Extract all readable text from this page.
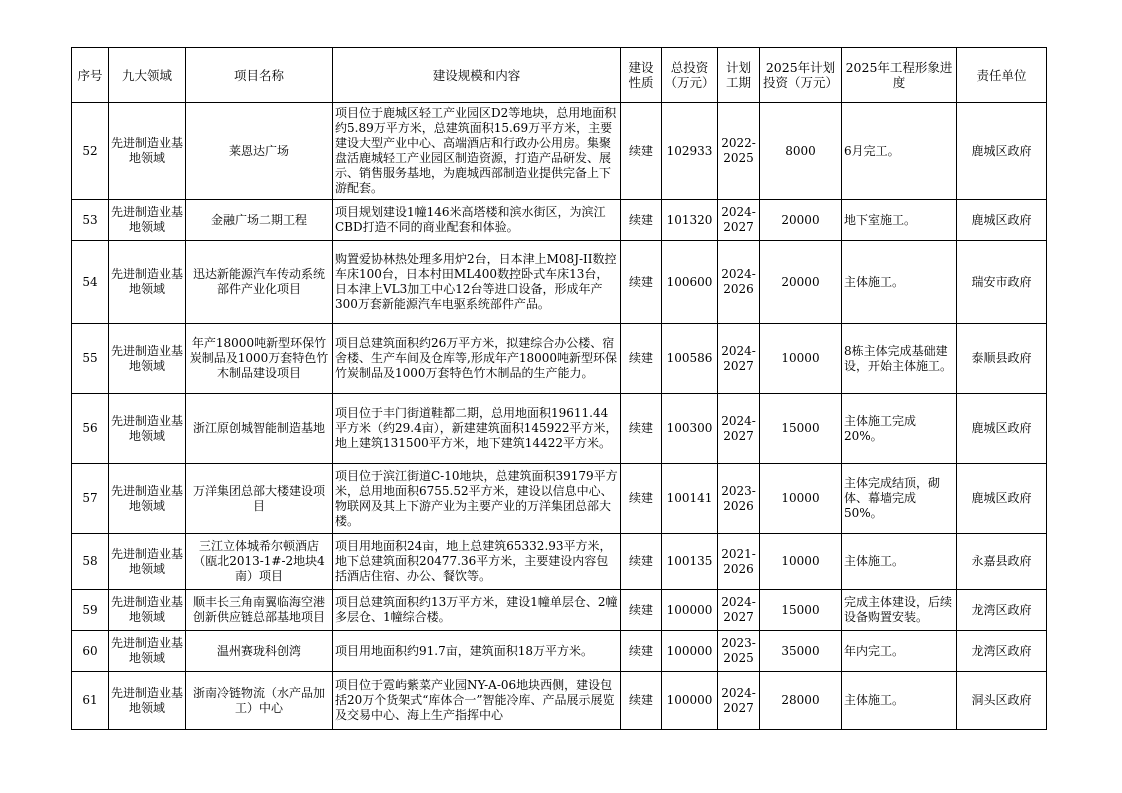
序号	九大领域	项目名称	建设规模和内容	建设性质	总投资（万元）	计划工期	2025年计划投资（万元）	2025年工程形象进度	责任单位
52	先进制造业基地领域	莱恩达广场	项目位于鹿城区轻工产业园区D2等地块，总用地面积约5.89万平方米，总建筑面积15.69万平方米，主要建设大型产业中心、高端酒店和行政办公用房。集聚盘活鹿城轻工产业园区制造资源，打造产品研发、展示、销售服务基地，为鹿城西部制造业提供完备上下游配套。	续建	102933	2022-2025	8000	6月完工。	鹿城区政府
53	先进制造业基地领域	金融广场二期工程	项目规划建设1幢146米高塔楼和滨水街区，为滨江CBD打造不同的商业配套和体验。	续建	101320	2024-2027	20000	地下室施工。	鹿城区政府
54	先进制造业基地领域	迅达新能源汽车传动系统部件产业化项目	购置爱协林热处理多用炉2台，日本津上M08J-II数控车床100台，日本村田ML400数控卧式车床13台，日本津上VL3加工中心12台等进口设备，形成年产300万套新能源汽车电驱系统部件产品。	续建	100600	2024-2026	20000	主体施工。	瑞安市政府
55	先进制造业基地领域	年产18000吨新型环保竹炭制品及1000万套特色竹木制品建设项目	项目总建筑面积约26万平方米，拟建综合办公楼、宿舍楼、生产车间及仓库等,形成年产18000吨新型环保竹炭制品及1000万套特色竹木制品的生产能力。	续建	100586	2024-2027	10000	8栋主体完成基础建设，开始主体施工。	泰顺县政府
56	先进制造业基地领域	浙江原创城智能制造基地	项目位于丰门街道鞋都二期，总用地面积19611.44平方米（约29.4亩），新建建筑面积145922平方米，地上建筑131500平方米，地下建筑14422平方米。	续建	100300	2024-2027	15000	主体施工完成20%。	鹿城区政府
57	先进制造业基地领域	万洋集团总部大楼建设项目	项目位于滨江街道C-10地块，总建筑面积39179平方米，总用地面积6755.52平方米，建设以信息中心、物联网及其上下游产业为主要产业的万洋集团总部大楼。	续建	100141	2023-2026	10000	主体完成结顶，砌体、幕墙完成50%。	鹿城区政府
58	先进制造业基地领域	三江立体城希尔顿酒店（瓯北2013-1#-2地块4南）项目	项目用地面积24亩，地上总建筑65332.93平方米，地下总建筑面积20477.36平方米，主要建设内容包括酒店住宿、办公、餐饮等。	续建	100135	2021-2026	10000	主体施工。	永嘉县政府
59	先进制造业基地领域	顺丰长三角南翼临海空港创新供应链总部基地项目	项目总建筑面积约13万平方米，建设1幢单层仓、2幢多层仓、1幢综合楼。	续建	100000	2024-2027	15000	完成主体建设，后续设备购置安装。	龙湾区政府
60	先进制造业基地领域	温州赛珑科创湾	项目用地面积约91.7亩，建筑面积18万平方米。	续建	100000	2023-2025	35000	年内完工。	龙湾区政府
61	先进制造业基地领域	浙南冷链物流（水产品加工）中心	项目位于霓屿紫菜产业园NY-A-06地块西侧，建设包括20万个货架式“库体合一”智能冷库、产品展示展览及交易中心、海上生产指挥中心	续建	100000	2024-2027	28000	主体施工。	洞头区政府
